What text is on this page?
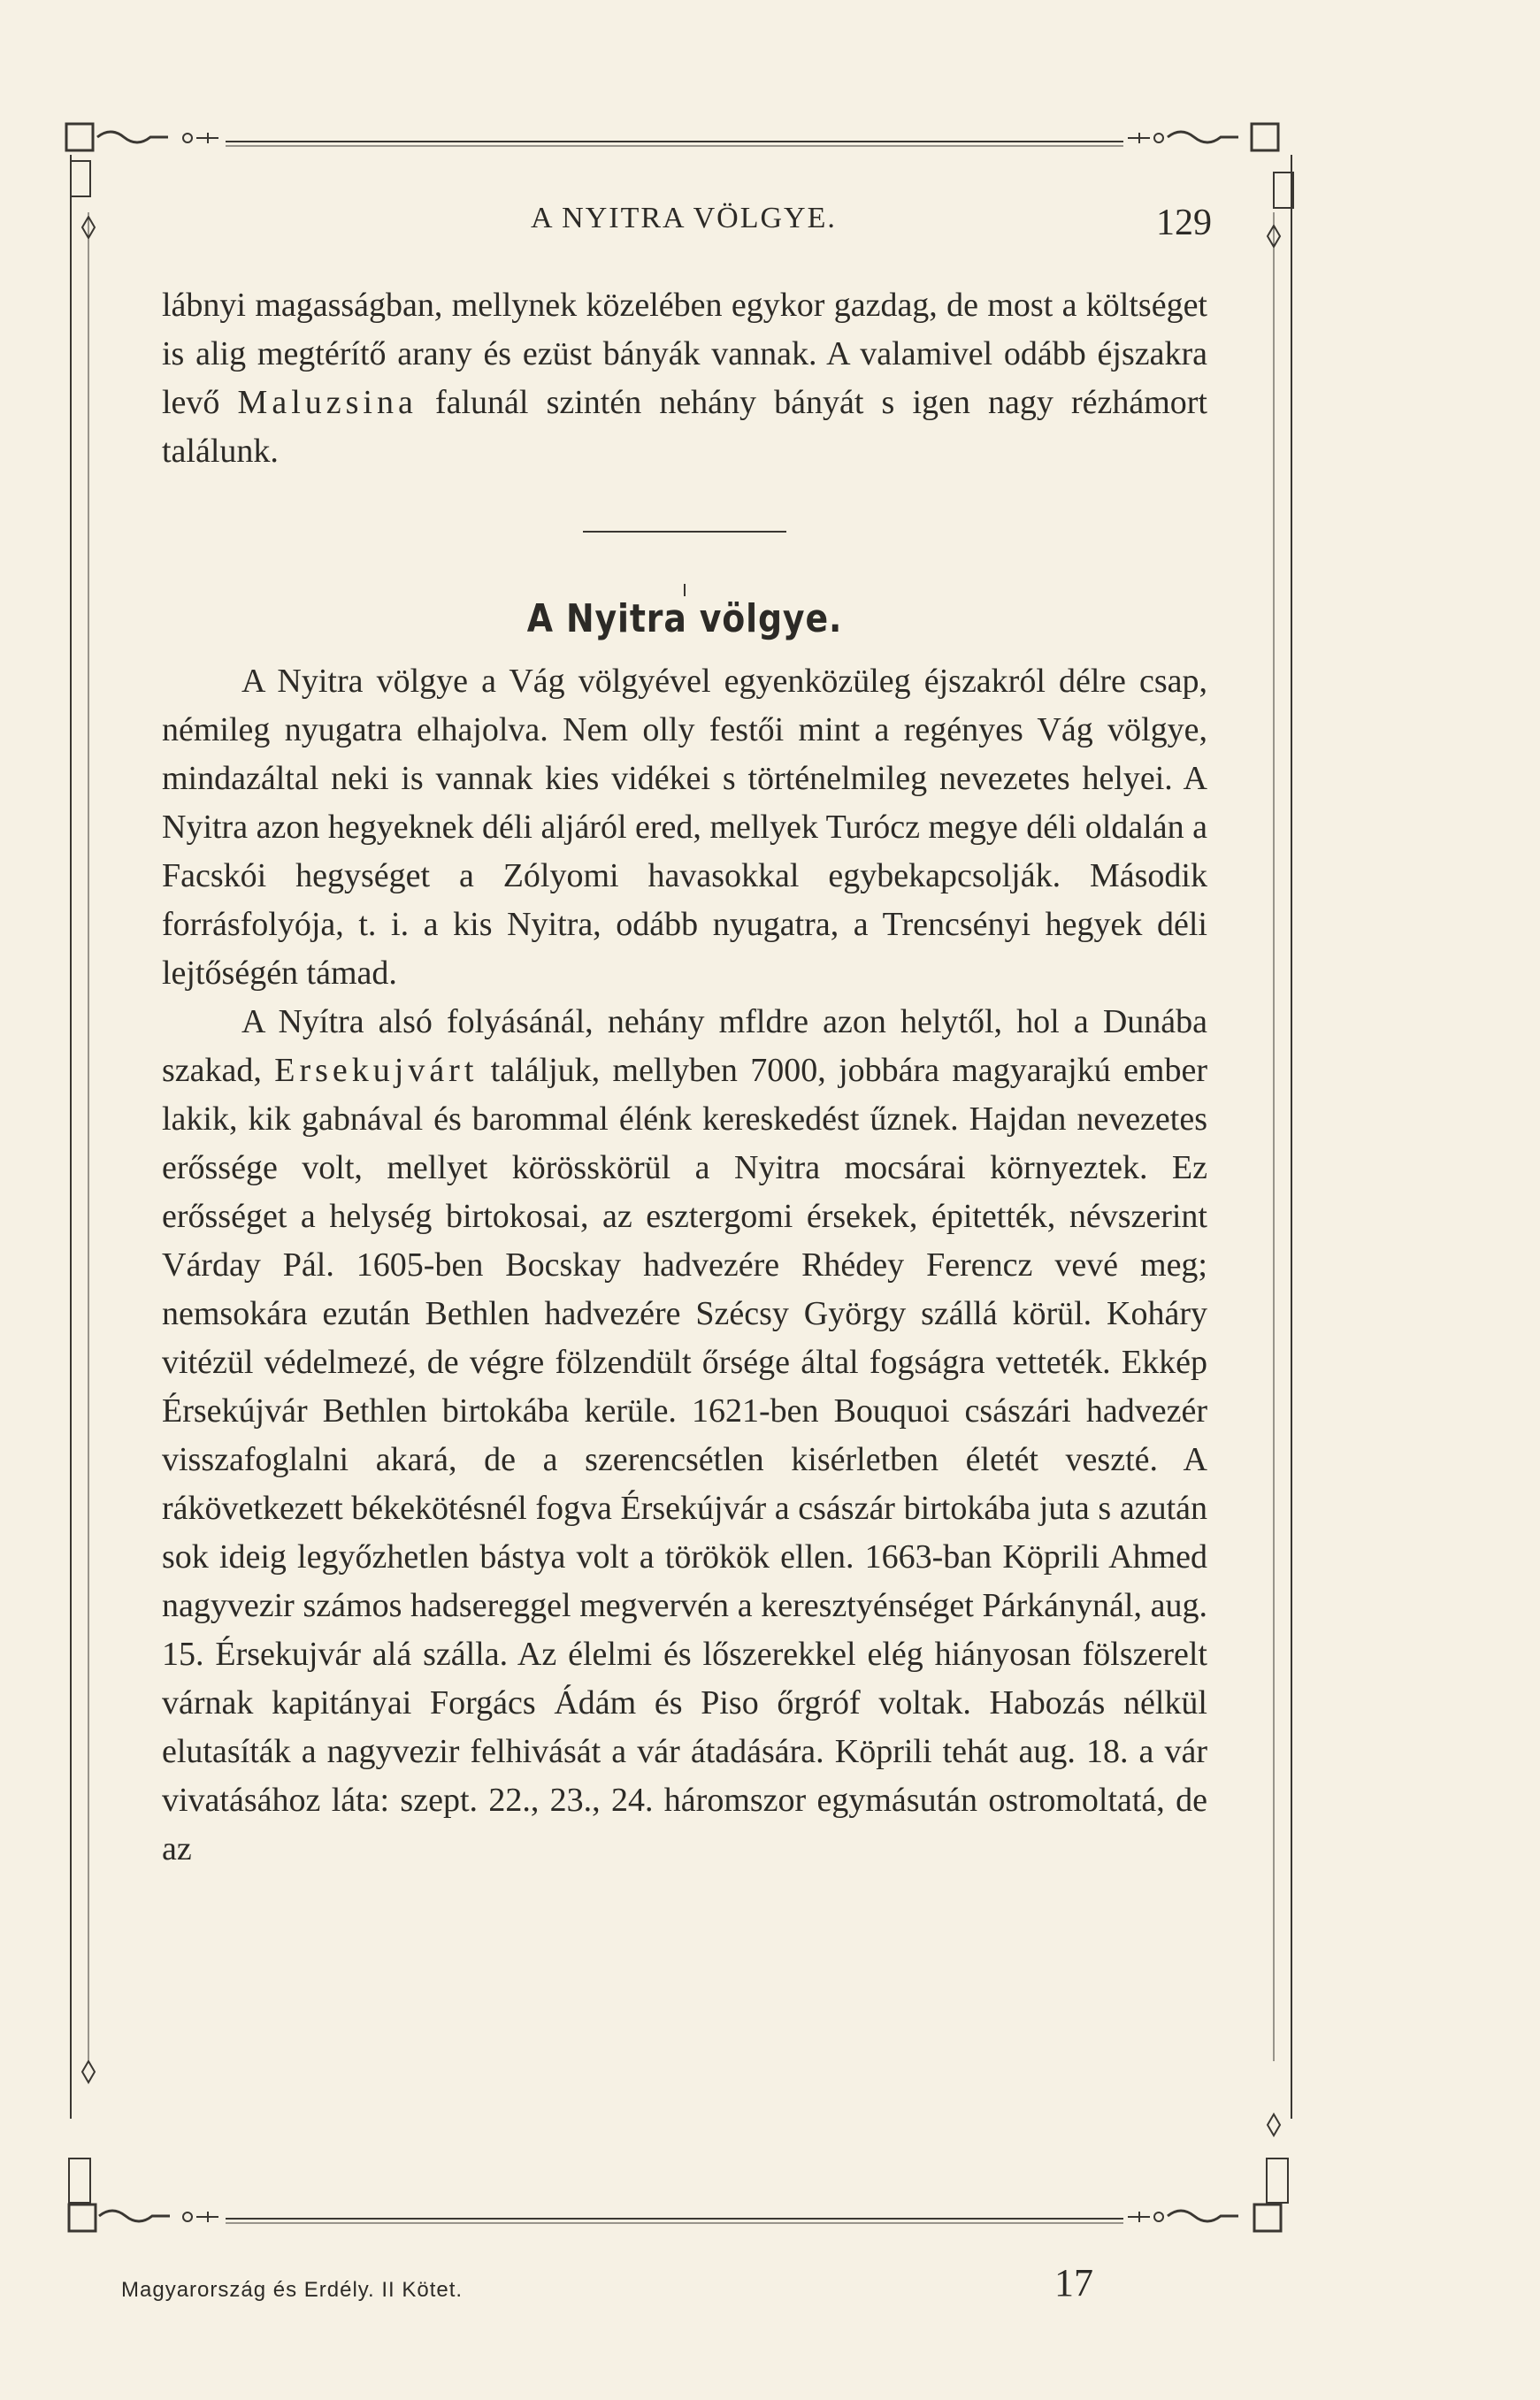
A NYITRA VÖLGYE.	129

lábnyi magasságban, mellynek közelében egykor gazdag, de most a költséget is alig megtérítő arany és ezüst bányák vannak. A valamivel odább éjszakra levő Maluzsina falunál szintén nehány bányát s igen nagy rézhámort találunk.

A Nyitra völgye.

A Nyitra völgye a Vág völgyével egyenközüleg éjszakról délre csap, némileg nyugatra elhajolva. Nem olly festői mint a regényes Vág völgye, mindazáltal neki is vannak kies vidékei s történelmileg nevezetes helyei. A Nyitra azon hegyeknek déli aljáról ered, mellyek Turócz megye déli oldalán a Facskói hegységet a Zólyomi havasokkal egybekapcsolják. Második forrásfolyója, t. i. a kis Nyitra, odább nyugatra, a Trencsényi hegyek déli lejtőségén támad.

A Nyítra alsó folyásánál, nehány mfldre azon helytől, hol a Dunába szakad, Ersekujvárt találjuk, mellyben 7000, jobbára magyarajkú ember lakik, kik gabnával és barommal élénk kereskedést űznek. Hajdan nevezetes erőssége volt, mellyet körösskörül a Nyitra mocsárai környeztek. Ez erősséget a helység birtokosai, az esztergomi érsekek, épitették, névszerint Várday Pál. 1605-ben Bocskay hadvezére Rhédey Ferencz vevé meg; nemsokára ezután Bethlen hadvezére Szécsy György szállá körül. Koháry vitézül védelmezé, de végre fölzendült őrsége által fogságra vetteték. Ekkép Érsekújvár Bethlen birtokába kerüle. 1621-ben Bouquoi császári hadvezér visszafoglalni akará, de a szerencsétlen kisérletben életét veszté. A rákövetkezett békekötésnél fogva Érsekújvár a császár birtokába juta s azután sok ideig legyőzhetlen bástya volt a törökök ellen. 1663-ban Köprili Ahmed nagyvezir számos hadsereggel megvervén a keresztyénséget Párkánynál, aug. 15. Érsekujvár alá szálla. Az élelmi és lőszerekkel elég hiányosan fölszerelt várnak kapitányai Forgács Ádám és Piso őrgróf voltak. Habozás nélkül elutasíták a nagyvezir felhivását a vár átadására. Köprili tehát aug. 18. a vár vivatásához láta: szept. 22., 23., 24. háromszor egymásután ostromoltatá, de az

Magyarország és Erdély. II Kötet.	17
